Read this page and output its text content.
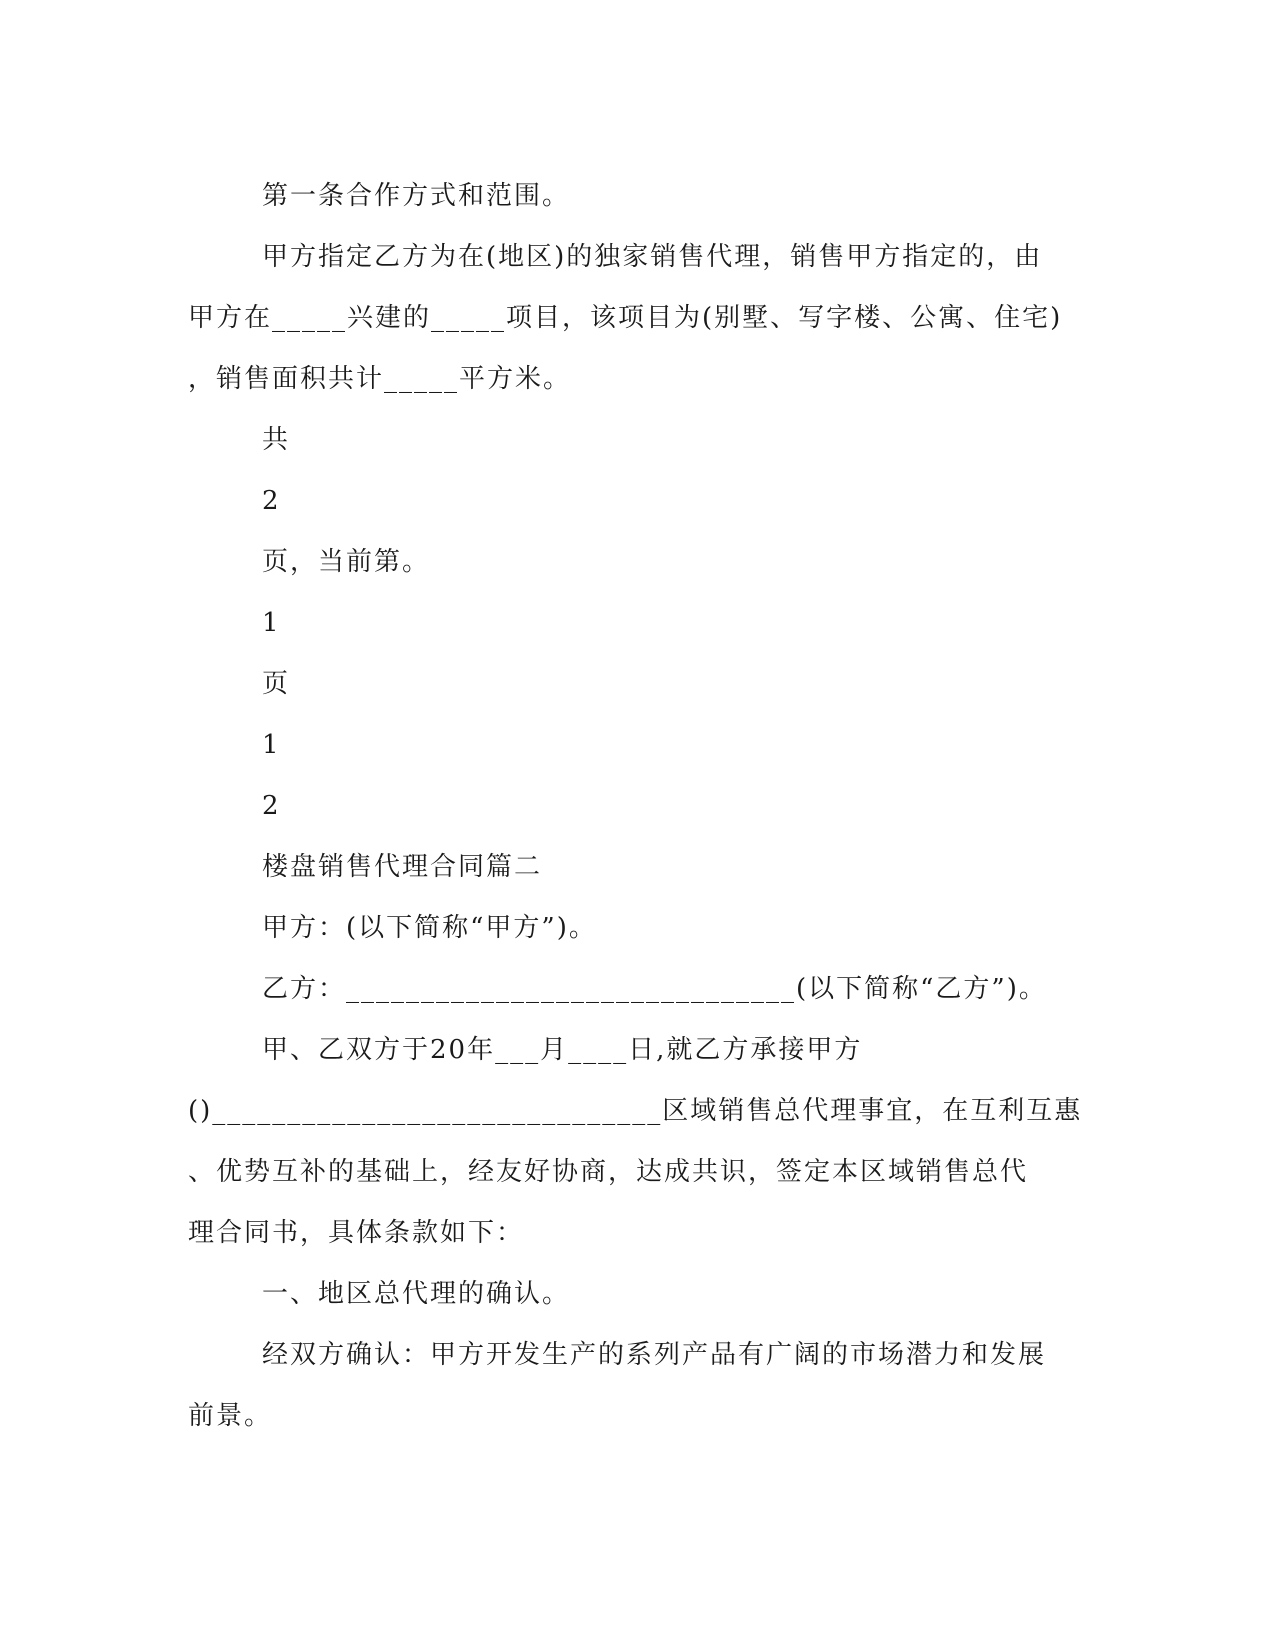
第一条合作方式和范围。
甲方指定乙方为在(地区)的独家销售代理，销售甲方指定的，由
甲方在_____兴建的_____项目，该项目为(别墅、写字楼、公寓、住宅)
，销售面积共计_____平方米。
共
2
页，当前第。
1
页
1
2
楼盘销售代理合同篇二
甲方：(以下简称“甲方”)。
乙方：______________________________(以下简称“乙方”)。
甲、乙双方于20年___月____日,就乙方承接甲方
()______________________________区域销售总代理事宜，在互利互惠
、优势互补的基础上，经友好协商，达成共识，签定本区域销售总代
理合同书，具体条款如下：
一、地区总代理的确认。
经双方确认：甲方开发生产的系列产品有广阔的市场潜力和发展
前景。
